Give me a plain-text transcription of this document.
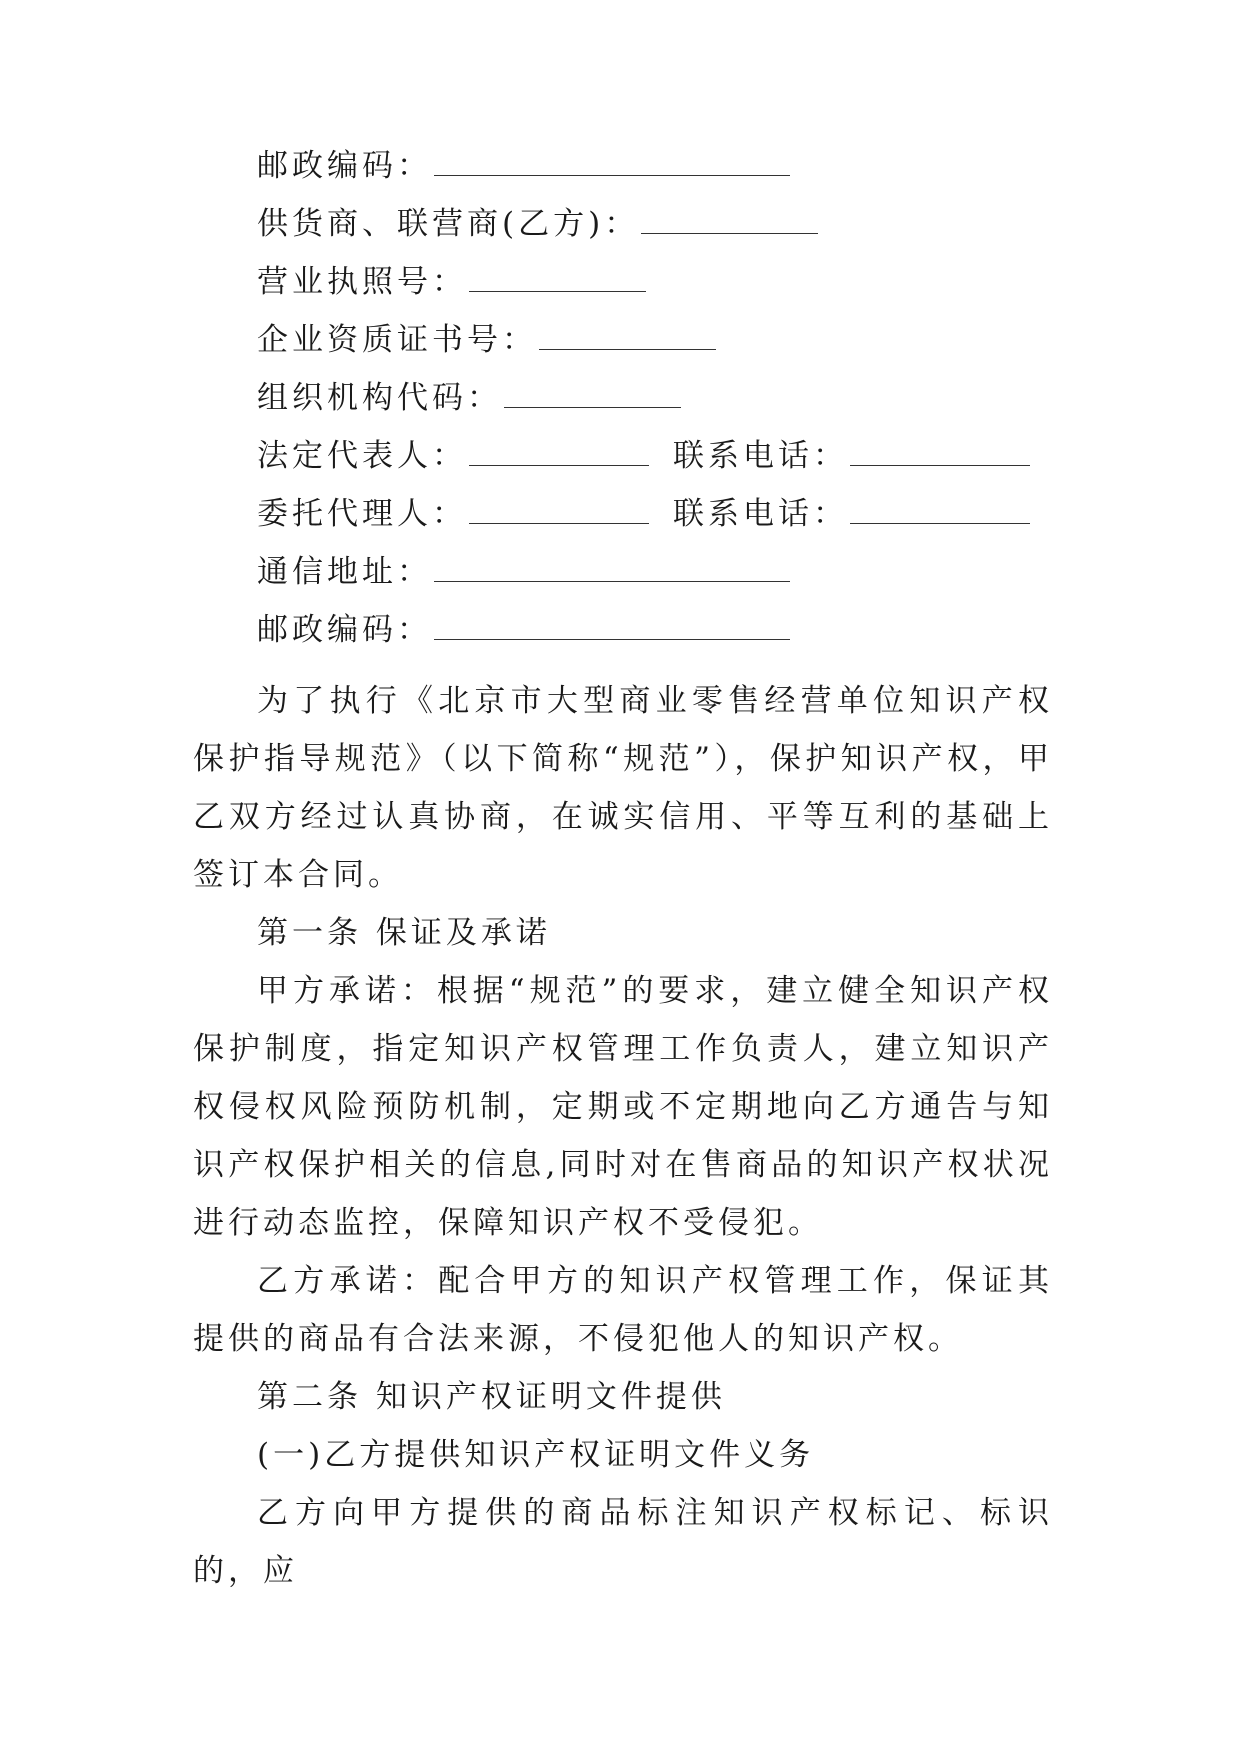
邮政编码：
供货商、联营商(乙方)：
营业执照号：
企业资质证书号：
组织机构代码：
法定代表人：	联系电话：
委托代理人：	联系电话：
通信地址：
邮政编码：
为了执行《北京市大型商业零售经营单位知识产权保护指导规范》（以下简称“规范”），保护知识产权，甲乙双方经过认真协商，在诚实信用、平等互利的基础上签订本合同。
第一条 保证及承诺
甲方承诺：根据“规范”的要求，建立健全知识产权保护制度，指定知识产权管理工作负责人，建立知识产权侵权风险预防机制，定期或不定期地向乙方通告与知识产权保护相关的信息,同时对在售商品的知识产权状况进行动态监控，保障知识产权不受侵犯。
乙方承诺：配合甲方的知识产权管理工作，保证其提供的商品有合法来源，不侵犯他人的知识产权。
第二条 知识产权证明文件提供
(一)乙方提供知识产权证明文件义务
乙方向甲方提供的商品标注知识产权标记、标识的，应
